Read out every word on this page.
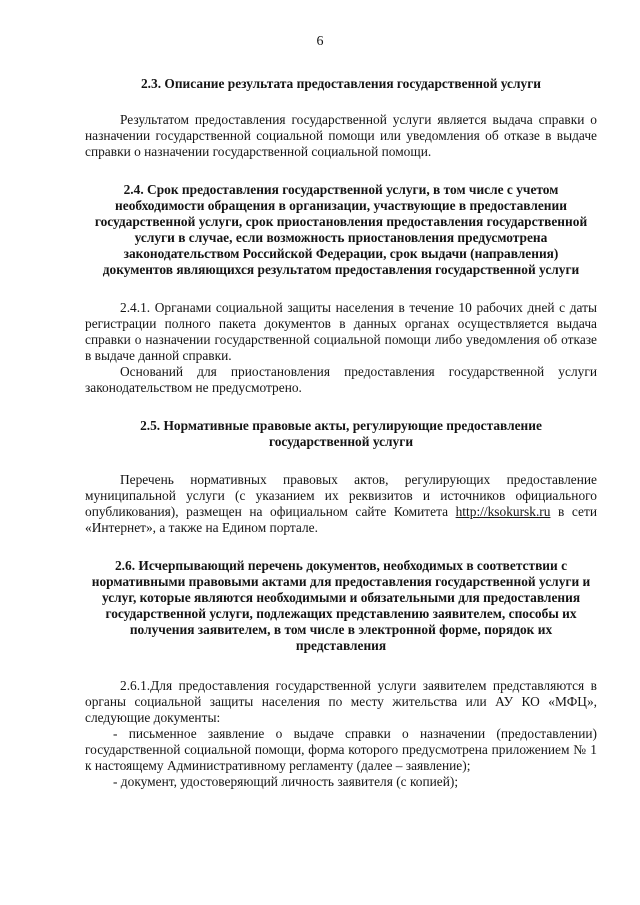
6

2.3. Описание результата предоставления государственной услуги

Результатом предоставления государственной услуги является выдача справки о назначении государственной социальной помощи или уведомления об отказе в выдаче справки о назначении государственной социальной помощи.

2.4. Срок предоставления государственной услуги, в том числе с учетом необходимости обращения в организации, участвующие в предоставлении государственной услуги, срок приостановления предоставления государственной услуги в случае, если возможность приостановления предусмотрена законодательством Российской Федерации, срок выдачи (направления) документов являющихся результатом предоставления государственной услуги

2.4.1. Органами социальной защиты населения в течение 10 рабочих дней с даты регистрации полного пакета документов в данных органах осуществляется выдача справки о назначении государственной социальной помощи либо уведомления об отказе в выдаче данной справки.

Оснований для приостановления предоставления государственной услуги законодательством не предусмотрено.

2.5. Нормативные правовые акты, регулирующие предоставление государственной услуги

Перечень нормативных правовых актов, регулирующих предоставление муниципальной услуги (с указанием их реквизитов и источников официального опубликования), размещен на официальном сайте Комитета http://ksokursk.ru в сети «Интернет», а также на Едином портале.

2.6. Исчерпывающий перечень документов, необходимых в соответствии с нормативными правовыми актами для предоставления государственной услуги и услуг, которые являются необходимыми и обязательными для предоставления государственной услуги, подлежащих представлению заявителем, способы их получения заявителем, в том числе в электронной форме, порядок их представления

2.6.1.Для предоставления государственной услуги заявителем представляются в органы социальной защиты населения по месту жительства или АУ КО «МФЦ», следующие документы:

- письменное заявление о выдаче справки о назначении (предоставлении) государственной социальной помощи, форма которого предусмотрена приложением № 1 к настоящему Административному регламенту (далее – заявление);

- документ, удостоверяющий личность заявителя (с копией);
